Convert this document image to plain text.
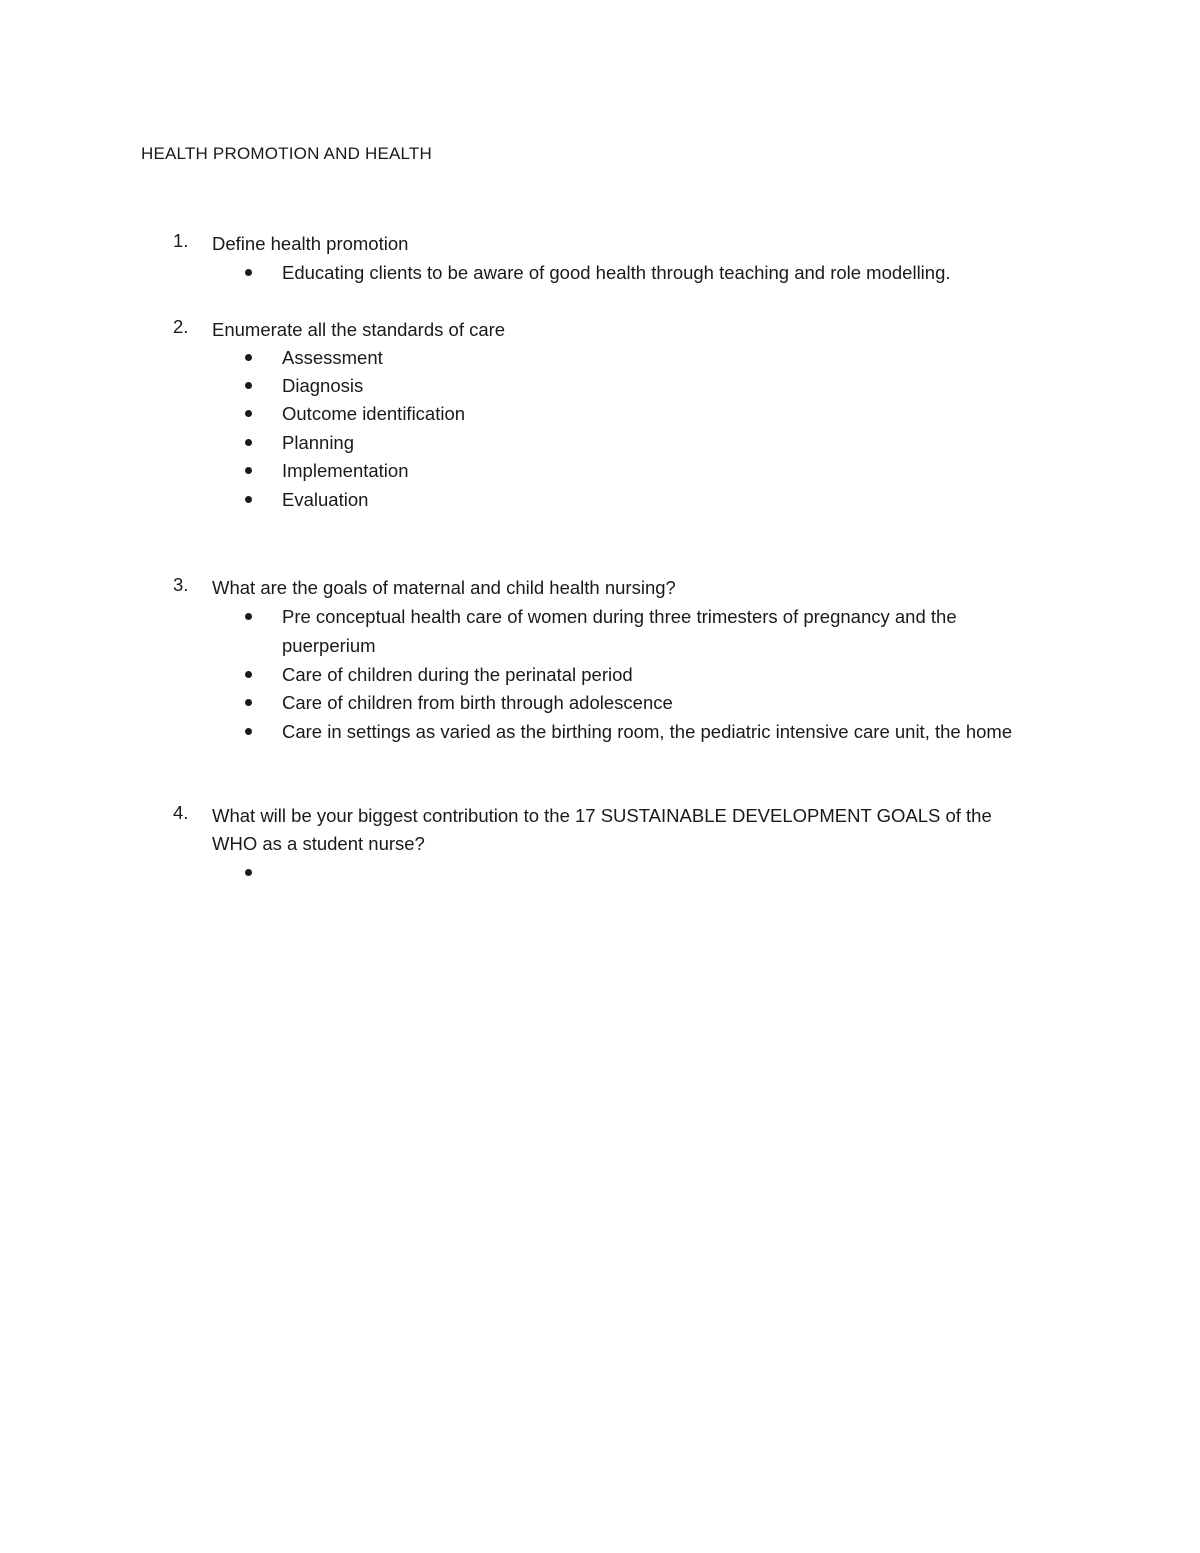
HEALTH PROMOTION AND HEALTH
1. Define health promotion
Educating clients to be aware of good health through teaching and role modelling.
2. Enumerate all the standards of care
Assessment
Diagnosis
Outcome identification
Planning
Implementation
Evaluation
3. What are the goals of maternal and child health nursing?
Pre conceptual health care of women during three trimesters of pregnancy and the puerperium
Care of children during the perinatal period
Care of children from birth through adolescence
Care in settings as varied as the birthing room, the pediatric intensive care unit, the home
4. What will be your biggest contribution to the 17 SUSTAINABLE DEVELOPMENT GOALS of the WHO as a student nurse?
